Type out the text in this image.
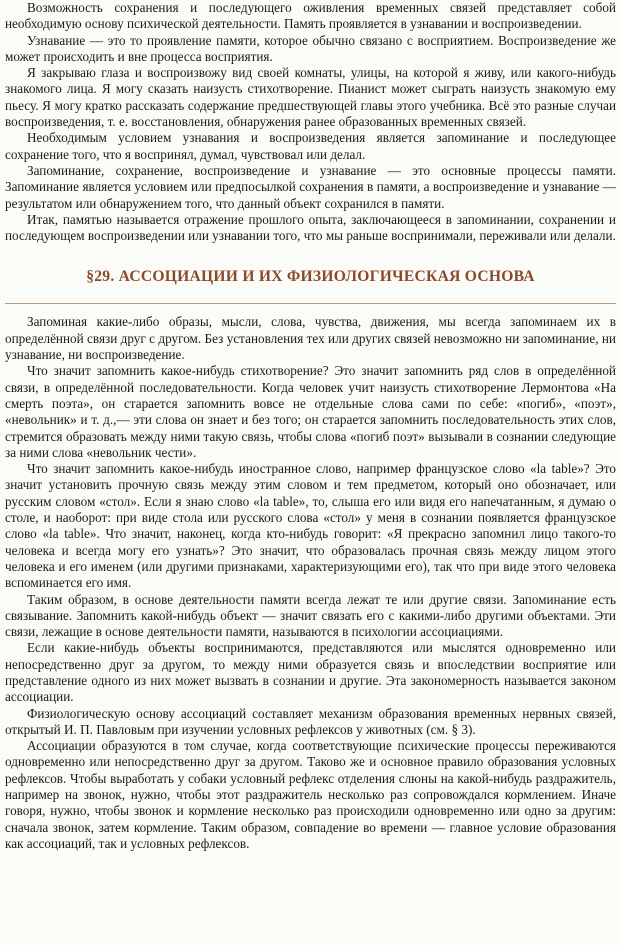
Возможность сохранения и последующего оживления временных связей представляет собой необходимую основу психической деятельности. Память проявляется в узнавании и воспроизведении.

Узнавание — это то проявление памяти, которое обычно связано с восприятием. Воспроизведение же может происходить и вне процесса восприятия.

Я закрываю глаза и воспроизвожу вид своей комнаты, улицы, на которой я живу, или какого-нибудь знакомого лица. Я могу сказать наизусть стихотворение. Пианист может сыграть наизусть знакомую ему пьесу. Я могу кратко рассказать содержание предшествующей главы этого учебника. Всё это разные случаи воспроизведения, т. е. восстановления, обнаружения ранее образованных временных связей.

Необходимым условием узнавания и воспроизведения является запоминание и последующее сохранение того, что я воспринял, думал, чувствовал или делал.

Запоминание, сохранение, воспроизведение и узнавание — это основные процессы памяти. Запоминание является условием или предпосылкой сохранения в памяти, а воспроизведение и узнавание — результатом или обнаружением того, что данный объект сохранился в памяти.

Итак, памятью называется отражение прошлого опыта, заключающееся в запоминании, сохранении и последующем воспроизведении или узнавании того, что мы раньше воспринимали, переживали или делали.

§29. АССОЦИАЦИИ И ИХ ФИЗИОЛОГИЧЕСКАЯ ОСНОВА

Запоминая какие-либо образы, мысли, слова, чувства, движения, мы всегда запоминаем их в определённой связи друг с другом. Без установления тех или других связей невозможно ни запоминание, ни узнавание, ни воспроизведение.

Что значит запомнить какое-нибудь стихотворение? Это значит запомнить ряд слов в определённой связи, в определённой последовательности. Когда человек учит наизусть стихотворение Лермонтова «На смерть поэта», он старается запомнить вовсе не отдельные слова сами по себе: «погиб», «поэт», «невольник» и т. д.,— эти слова он знает и без того; он старается запомнить последовательность этих слов, стремится образовать между ними такую связь, чтобы слова «погиб поэт» вызывали в сознании следующие за ними слова «невольник чести».

Что значит запомнить какое-нибудь иностранное слово, например французское слово «la table»? Это значит установить прочную связь между этим словом и тем предметом, который оно обозначает, или русским словом «стол». Если я знаю слово «la table», то, слыша его или видя его напечатанным, я думаю о столе, и наоборот: при виде стола или русского слова «стол» у меня в сознании появляется французское слово «la table». Что значит, наконец, когда кто-нибудь говорит: «Я прекрасно запомнил лицо такого-то человека и всегда могу его узнать»? Это значит, что образовалась прочная связь между лицом этого человека и его именем (или другими признаками, характеризующими его), так что при виде этого человека вспоминается его имя.

Таким образом, в основе деятельности памяти всегда лежат те или другие связи. Запоминание есть связывание. Запомнить какой-нибудь объект — значит связать его с какими-либо другими объектами. Эти связи, лежащие в основе деятельности памяти, называются в психологии ассоциациями.

Если какие-нибудь объекты воспринимаются, представляются или мыслятся одновременно или непосредственно друг за другом, то между ними образуется связь и впоследствии восприятие или представление одного из них может вызвать в сознании и другие. Эта закономерность называется законом ассоциации.

Физиологическую основу ассоциаций составляет механизм образования временных нервных связей, открытый И. П. Павловым при изучении условных рефлексов у животных (см. § 3).

Ассоциации образуются в том случае, когда соответствующие психические процессы переживаются одновременно или непосредственно друг за другом. Таково же и основное правило образования условных рефлексов. Чтобы выработать у собаки условный рефлекс отделения слюны на какой-нибудь раздражитель, например на звонок, нужно, чтобы этот раздражитель несколько раз сопровождался кормлением. Иначе говоря, нужно, чтобы звонок и кормление несколько раз происходили одновременно или одно за другим: сначала звонок, затем кормление. Таким образом, совпадение во времени — главное условие образования как ассоциаций, так и условных рефлексов.
